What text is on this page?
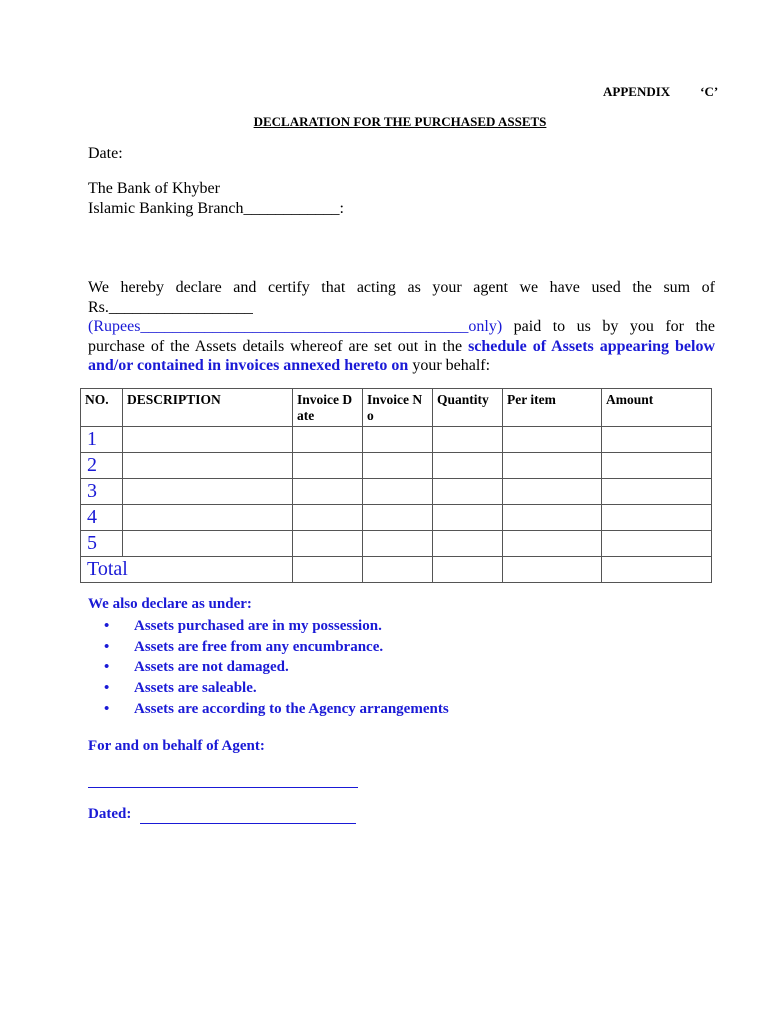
APPENDIX ‘C’
DECLARATION FOR THE PURCHASED ASSETS
Date:
The Bank of Khyber
Islamic Banking Branch____________:

We hereby declare and certify that acting as your agent we have used the sum of Rs.__________________

(Rupees_________________________________________only) paid to us by you for the purchase of the Assets details whereof are set out in the schedule of Assets appearing below and/or contained in invoices annexed hereto on your behalf:

NO.	DESCRIPTION	Invoice Date	Invoice No	Quantity	Per item	Amount
1						
2						
3						
4						
5						
Total						
We also declare as under:
• Assets purchased are in my possession.
• Assets are free from any encumbrance.
• Assets are not damaged.
• Assets are saleable.
• Assets are according to the Agency arrangements
For and on behalf of Agent:
Dated:
